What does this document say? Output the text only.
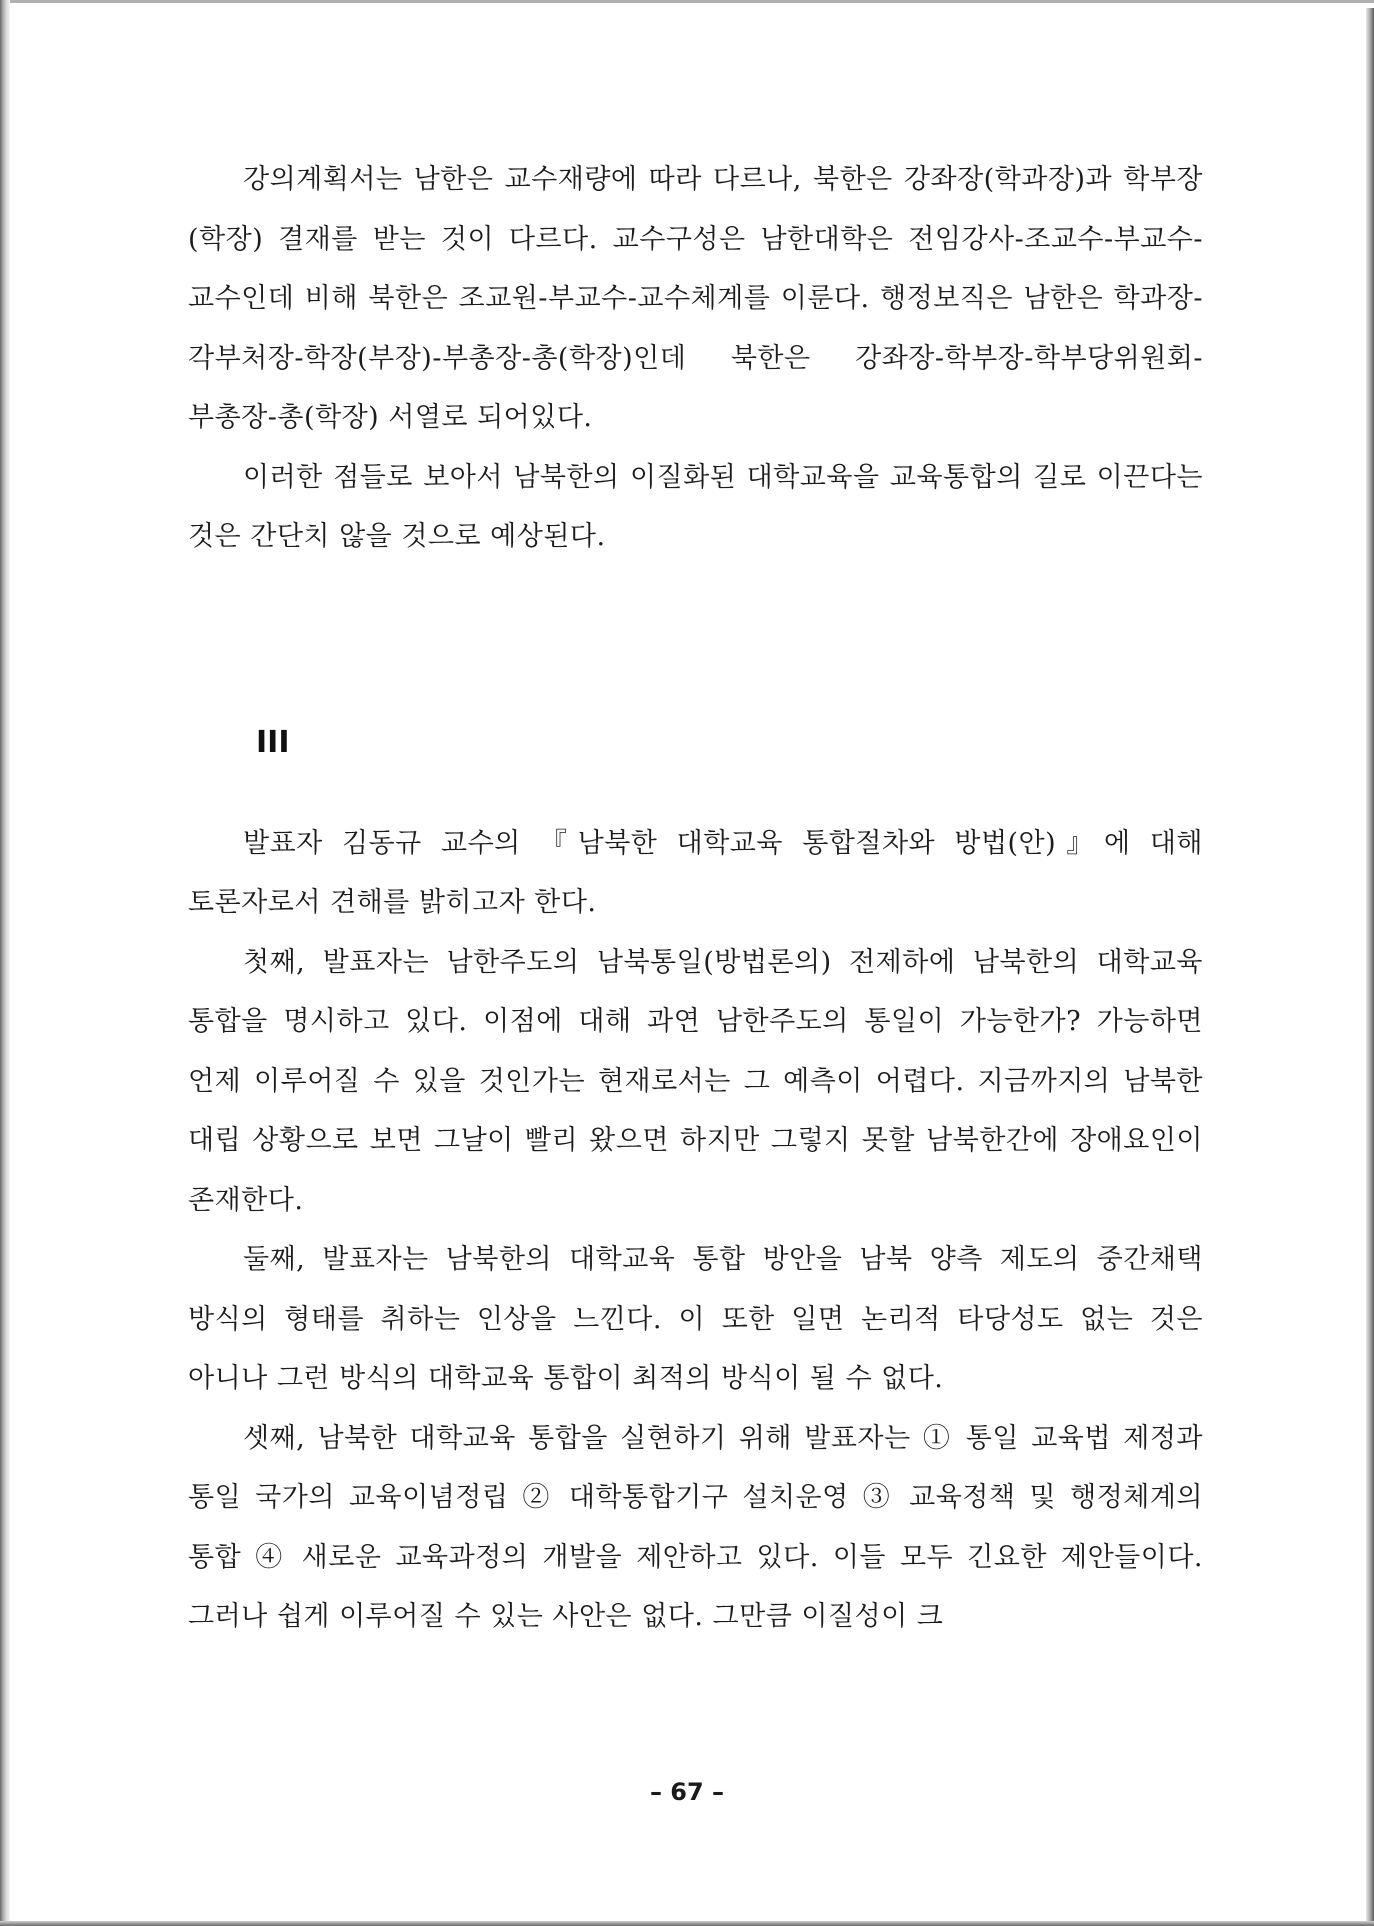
강의계획서는 남한은 교수재량에 따라 다르나, 북한은 강좌장(학과장)과 학부장(학장) 결재를 받는 것이 다르다. 교수구성은 남한대학은 전임강사-조교수-부교수-교수인데 비해 북한은 조교원-부교수-교수체계를 이룬다. 행정보직은 남한은 학과장-각부처장-학장(부장)-부총장-총(학장)인데 북한은 강좌장-학부장-학부당위원회-부총장-총(학장) 서열로 되어있다.

이러한 점들로 보아서 남북한의 이질화된 대학교육을 교육통합의 길로 이끈다는 것은 간단치 않을 것으로 예상된다.

III

발표자 김동규 교수의 『남북한 대학교육 통합절차와 방법(안)』에 대해 토론자로서 견해를 밝히고자 한다.

첫째, 발표자는 남한주도의 남북통일(방법론의) 전제하에 남북한의 대학교육 통합을 명시하고 있다. 이점에 대해 과연 남한주도의 통일이 가능한가? 가능하면 언제 이루어질 수 있을 것인가는 현재로서는 그 예측이 어렵다. 지금까지의 남북한 대립 상황으로 보면 그날이 빨리 왔으면 하지만 그렇지 못할 남북한간에 장애요인이 존재한다.

둘째, 발표자는 남북한의 대학교육 통합 방안을 남북 양측 제도의 중간채택 방식의 형태를 취하는 인상을 느낀다. 이 또한 일면 논리적 타당성도 없는 것은 아니나 그런 방식의 대학교육 통합이 최적의 방식이 될 수 없다.

셋째, 남북한 대학교육 통합을 실현하기 위해 발표자는 ① 통일 교육법 제정과 통일 국가의 교육이념정립 ② 대학통합기구 설치운영 ③ 교육정책 및 행정체계의 통합 ④ 새로운 교육과정의 개발을 제안하고 있다. 이들 모두 긴요한 제안들이다. 그러나 쉽게 이루어질 수 있는 사안은 없다. 그만큼 이질성이 크

– 67 –
